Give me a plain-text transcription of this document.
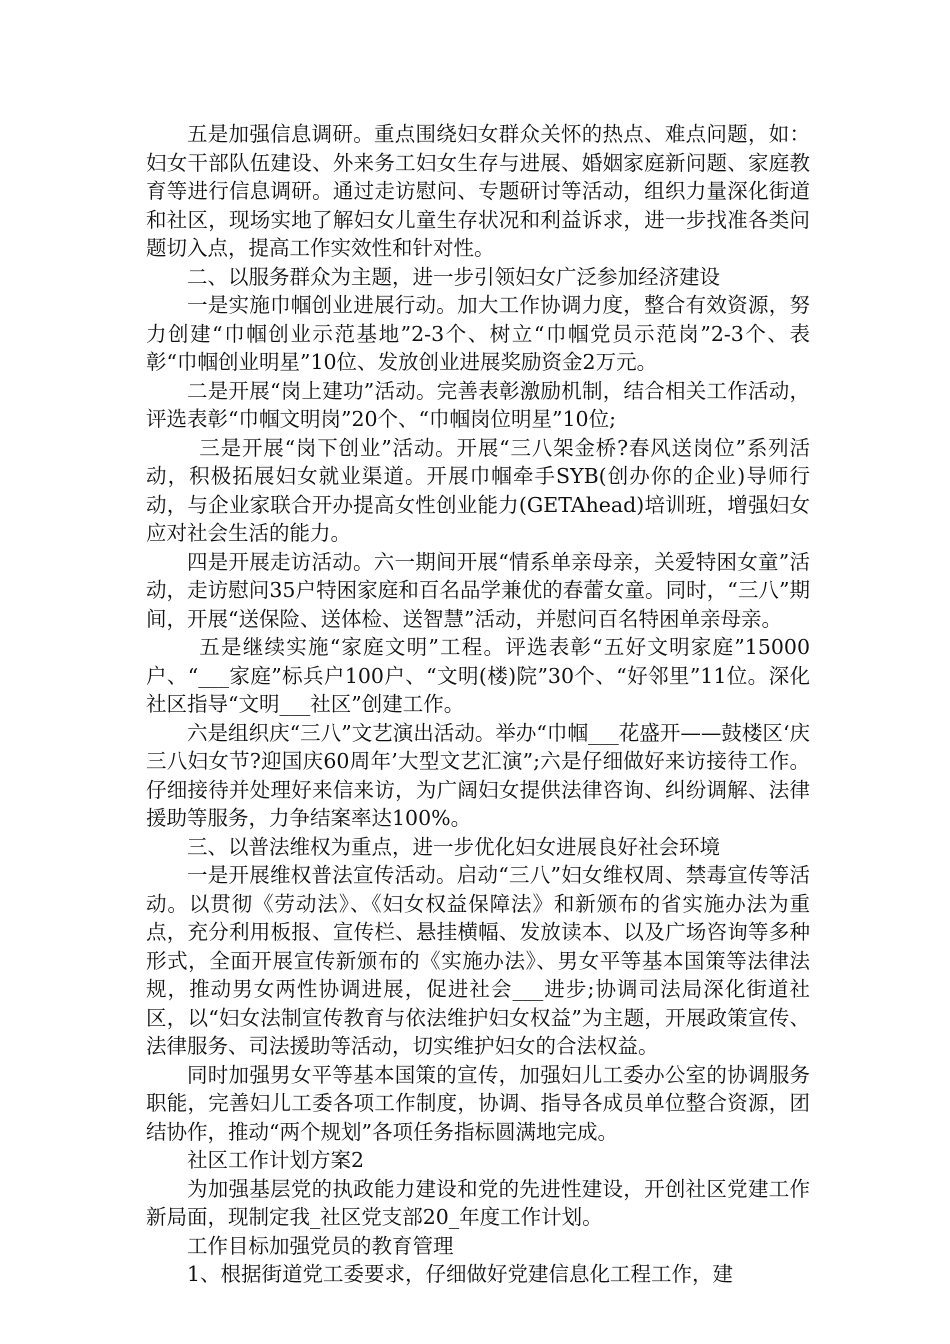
五是加强信息调研。重点围绕妇女群众关怀的热点、难点问题，如：妇女干部队伍建设、外来务工妇女生存与进展、婚姻家庭新问题、家庭教育等进行信息调研。通过走访慰问、专题研讨等活动，组织力量深化街道和社区，现场实地了解妇女儿童生存状况和利益诉求，进一步找准各类问题切入点，提高工作实效性和针对性。

二、以服务群众为主题，进一步引领妇女广泛参加经济建设

一是实施巾帼创业进展行动。加大工作协调力度，整合有效资源，努力创建“巾帼创业示范基地”2-3个、树立“巾帼党员示范岗”2-3个、表彰“巾帼创业明星”10位、发放创业进展奖励资金2万元。

二是开展“岗上建功”活动。完善表彰激励机制，结合相关工作活动，评选表彰“巾帼文明岗”20个、“巾帼岗位明星”10位;

三是开展“岗下创业”活动。开展“三八架金桥?春风送岗位”系列活动，积极拓展妇女就业渠道。开展巾帼牵手SYB(创办你的企业)导师行动，与企业家联合开办提高女性创业能力(GETAhead)培训班，增强妇女应对社会生活的能力。

四是开展走访活动。六一期间开展“情系单亲母亲，关爱特困女童”活动，走访慰问35户特困家庭和百名品学兼优的春蕾女童。同时，“三八”期间，开展“送保险、送体检、送智慧”活动，并慰问百名特困单亲母亲。

五是继续实施“家庭文明”工程。评选表彰“五好文明家庭”15000户、“___家庭”标兵户100户、“文明(楼)院”30个、“好邻里”11位。深化社区指导“文明___社区”创建工作。

六是组织庆“三八”文艺演出活动。举办“巾帼___花盛开——鼓楼区‘庆三八妇女节?迎国庆60周年’大型文艺汇演”;六是仔细做好来访接待工作。仔细接待并处理好来信来访，为广阔妇女提供法律咨询、纠纷调解、法律援助等服务，力争结案率达100%。

三、以普法维权为重点，进一步优化妇女进展良好社会环境

一是开展维权普法宣传活动。启动“三八”妇女维权周、禁毒宣传等活动。以贯彻《劳动法》、《妇女权益保障法》和新颁布的省实施办法为重点，充分利用板报、宣传栏、悬挂横幅、发放读本、以及广场咨询等多种形式，全面开展宣传新颁布的《实施办法》、男女平等基本国策等法律法规，推动男女两性协调进展，促进社会___进步;协调司法局深化街道社区，以“妇女法制宣传教育与依法维护妇女权益”为主题，开展政策宣传、法律服务、司法援助等活动，切实维护妇女的合法权益。

同时加强男女平等基本国策的宣传，加强妇儿工委办公室的协调服务职能，完善妇儿工委各项工作制度，协调、指导各成员单位整合资源，团结协作，推动“两个规划”各项任务指标圆满地完成。

社区工作计划方案2

为加强基层党的执政能力建设和党的先进性建设，开创社区党建工作新局面，现制定我_社区党支部20_年度工作计划。

工作目标加强党员的教育管理

1、根据街道党工委要求，仔细做好党建信息化工程工作，建
